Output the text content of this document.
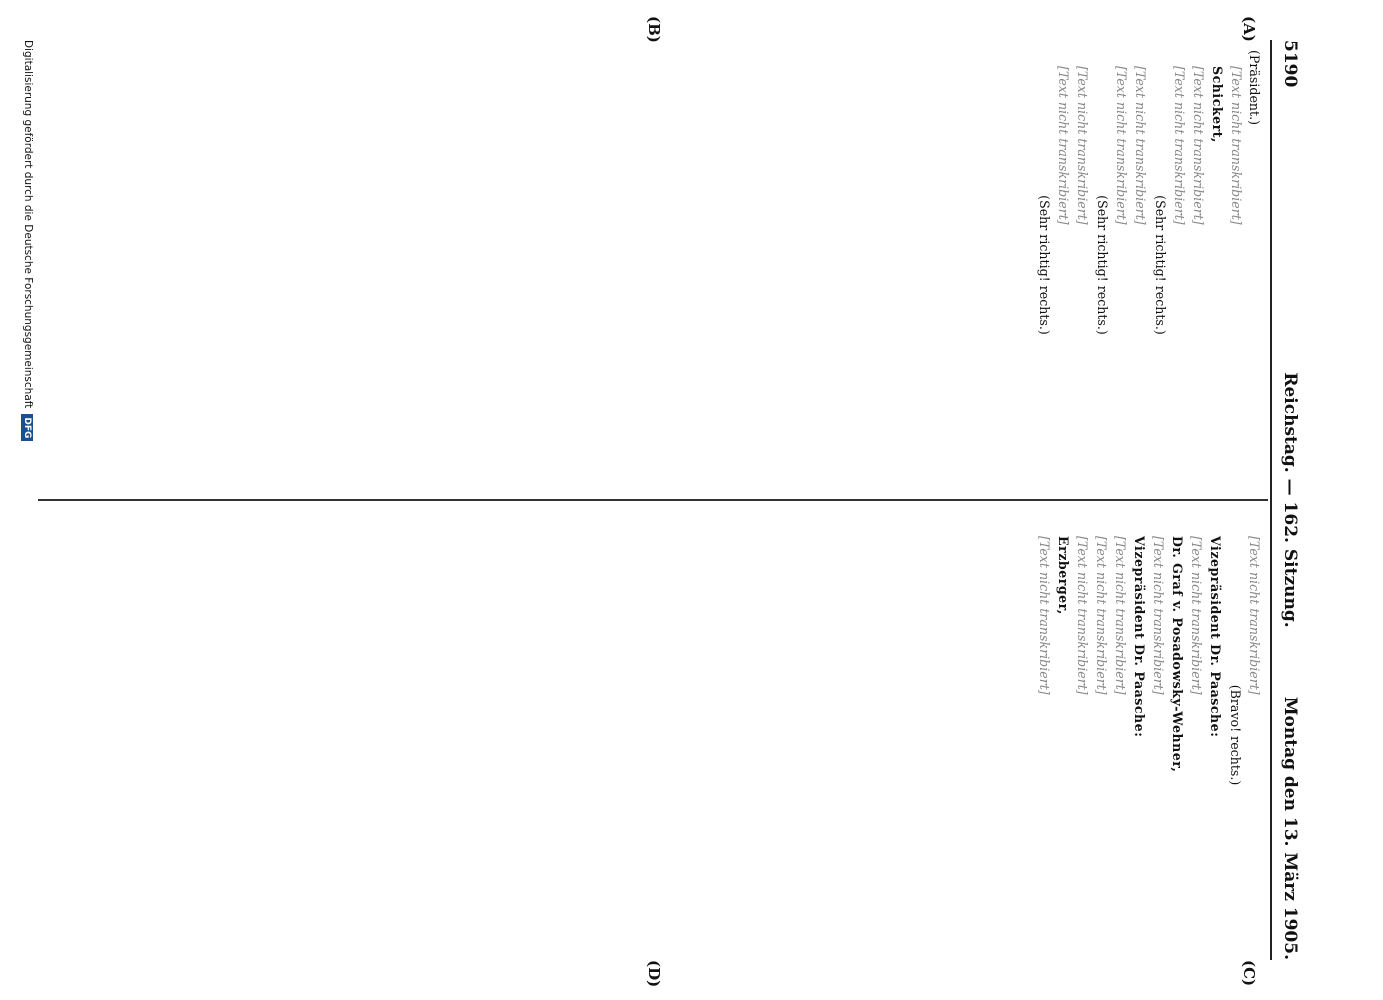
5190
Reichstag. — 162. Sitzung.
Montag den 13. März 1905.
(A)
(B)
(C)
(D)

(Präsident.)

[Text nicht transkribiert]

Schickert,

[Text nicht transkribiert]

[Text nicht transkribiert]

(Sehr richtig! rechts.)

[Text nicht transkribiert]

[Text nicht transkribiert]

(Sehr richtig! rechts.)

[Text nicht transkribiert]

[Text nicht transkribiert]

(Sehr richtig! rechts.)

[Text nicht transkribiert]

(Bravo! rechts.)

Vizepräsident Dr. Paasche:

[Text nicht transkribiert]

Dr. Graf v. Posadowsky-Wehner,

[Text nicht transkribiert]

Vizepräsident Dr. Paasche:

[Text nicht transkribiert]

[Text nicht transkribiert]

[Text nicht transkribiert]

Erzberger,

[Text nicht transkribiert]

Digitalisierung gefördert durch die Deutsche ForschungsgemeinschaftDFG
